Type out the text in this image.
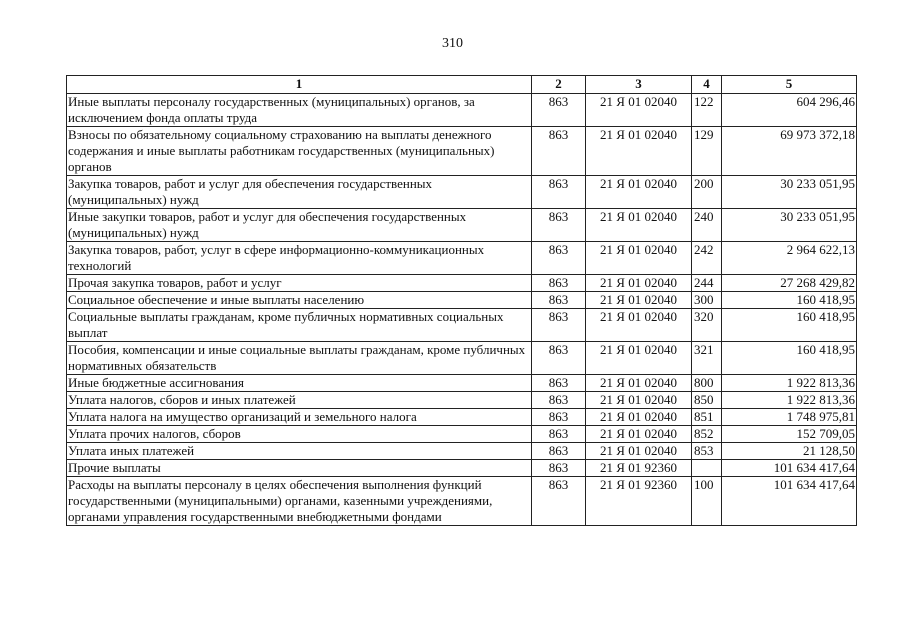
310
1	2	3	4	5
Иные выплаты персоналу государственных (муниципальных) органов, за исключением фонда оплаты труда	863	21 Я 01 02040	122	604 296,46
Взносы по обязательному социальному страхованию на выплаты денежного содержания и иные выплаты работникам государственных (муниципальных) органов	863	21 Я 01 02040	129	69 973 372,18
Закупка товаров, работ и услуг для обеспечения государственных (муниципальных) нужд	863	21 Я 01 02040	200	30 233 051,95
Иные закупки товаров, работ и услуг для обеспечения государственных (муниципальных) нужд	863	21 Я 01 02040	240	30 233 051,95
Закупка товаров, работ, услуг в сфере информационно-коммуникационных технологий	863	21 Я 01 02040	242	2 964 622,13
Прочая закупка товаров, работ и услуг	863	21 Я 01 02040	244	27 268 429,82
Социальное обеспечение и иные выплаты населению	863	21 Я 01 02040	300	160 418,95
Социальные выплаты гражданам, кроме публичных нормативных социальных выплат	863	21 Я 01 02040	320	160 418,95
Пособия, компенсации и иные социальные выплаты гражданам, кроме публичных нормативных обязательств	863	21 Я 01 02040	321	160 418,95
Иные бюджетные ассигнования	863	21 Я 01 02040	800	1 922 813,36
Уплата налогов, сборов и иных платежей	863	21 Я 01 02040	850	1 922 813,36
Уплата налога на имущество организаций и земельного налога	863	21 Я 01 02040	851	1 748 975,81
Уплата прочих налогов, сборов	863	21 Я 01 02040	852	152 709,05
Уплата иных платежей	863	21 Я 01 02040	853	21 128,50
Прочие выплаты	863	21 Я 01 92360		101 634 417,64
Расходы на выплаты персоналу в целях обеспечения выполнения функций государственными (муниципальными) органами, казенными учреждениями, органами управления государственными внебюджетными фондами	863	21 Я 01 92360	100	101 634 417,64
